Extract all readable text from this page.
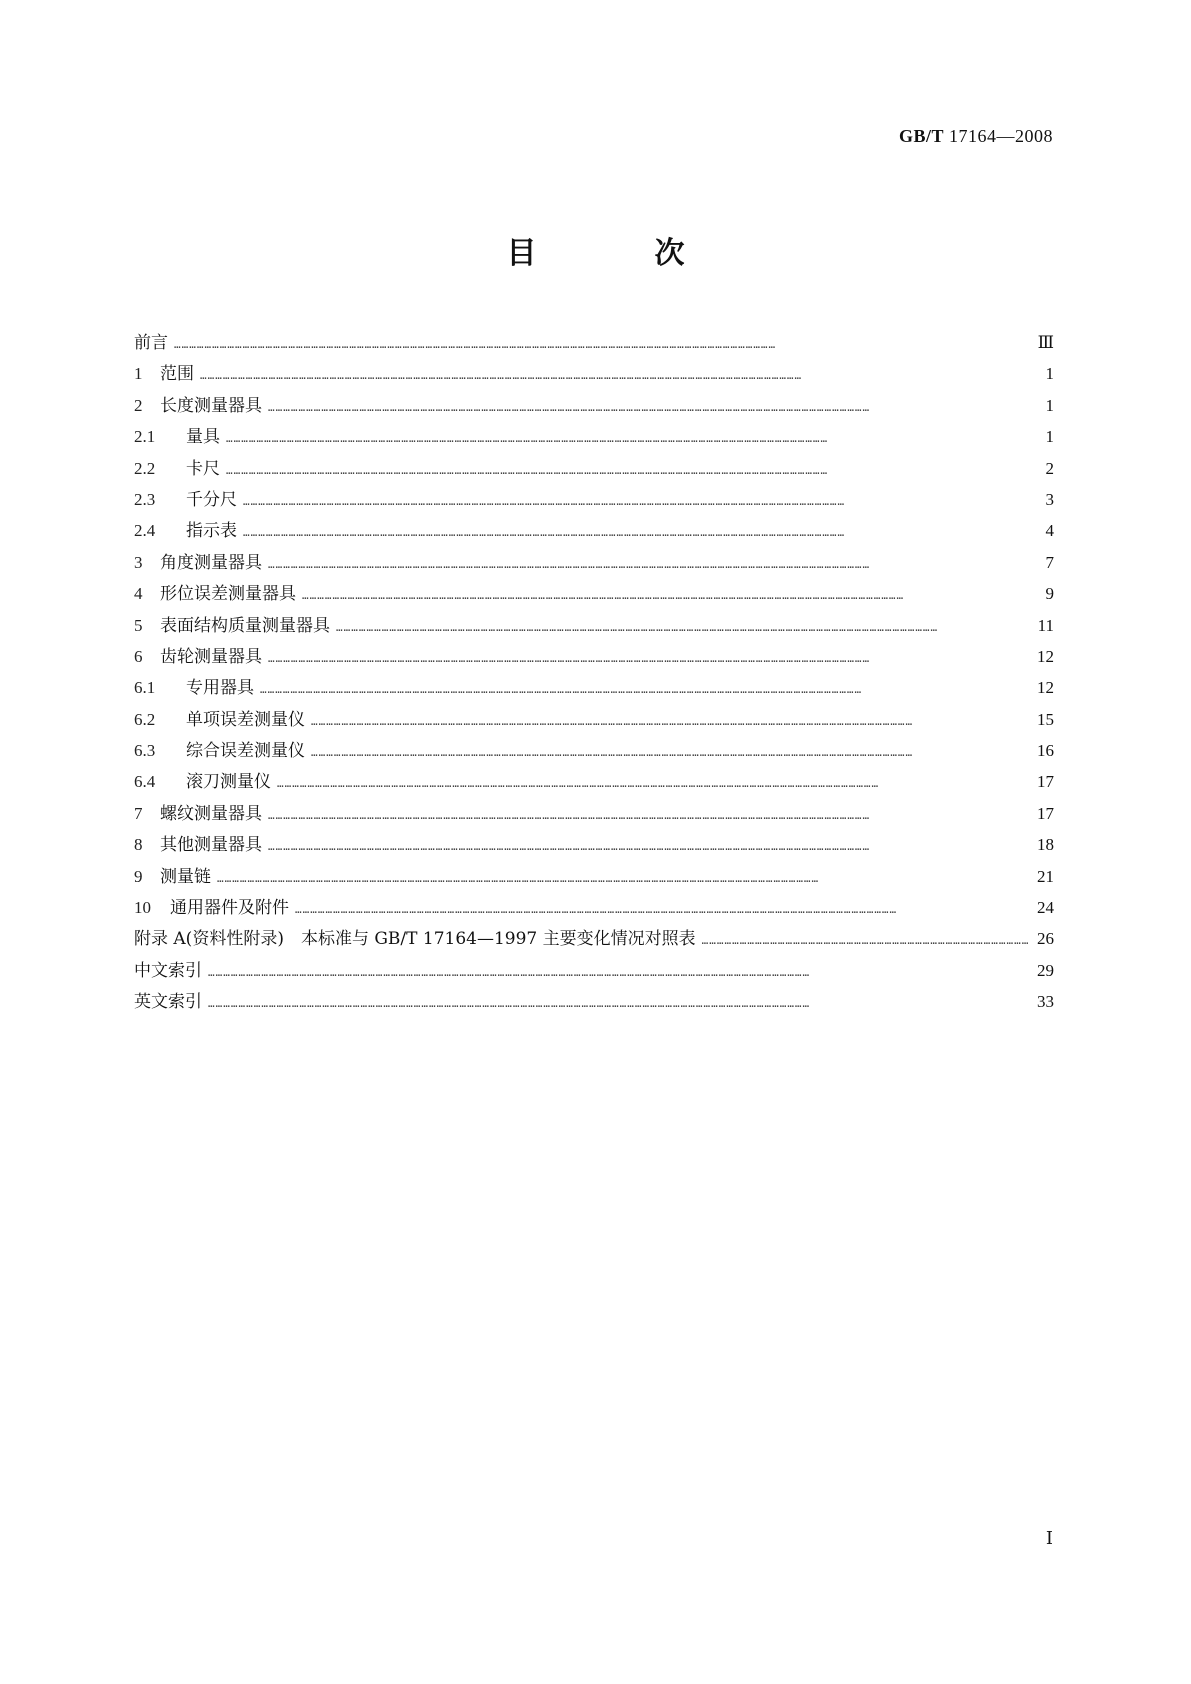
GB/T 17164—2008
目　次
前言 …………………………………………………………………………………………………………………………………………………………………………………………………………………	Ⅲ
1	范围 …………………………………………………………………………………………………………………………………………………………………………………………………………………	1
2	长度测量器具 …………………………………………………………………………………………………………………………………………………………………………………………………………………	1
2.1	量具 …………………………………………………………………………………………………………………………………………………………………………………………………………………	1
2.2	卡尺 …………………………………………………………………………………………………………………………………………………………………………………………………………………	2
2.3	千分尺 …………………………………………………………………………………………………………………………………………………………………………………………………………………	3
2.4	指示表 …………………………………………………………………………………………………………………………………………………………………………………………………………………	4
3	角度测量器具 …………………………………………………………………………………………………………………………………………………………………………………………………………………	7
4	形位误差测量器具 …………………………………………………………………………………………………………………………………………………………………………………………………………………	9
5	表面结构质量测量器具 …………………………………………………………………………………………………………………………………………………………………………………………………………………	11
6	齿轮测量器具 …………………………………………………………………………………………………………………………………………………………………………………………………………………	12
6.1	专用器具 …………………………………………………………………………………………………………………………………………………………………………………………………………………	12
6.2	单项误差测量仪 …………………………………………………………………………………………………………………………………………………………………………………………………………………	15
6.3	综合误差测量仪 …………………………………………………………………………………………………………………………………………………………………………………………………………………	16
6.4	滚刀测量仪 …………………………………………………………………………………………………………………………………………………………………………………………………………………	17
7	螺纹测量器具 …………………………………………………………………………………………………………………………………………………………………………………………………………………	17
8	其他测量器具 …………………………………………………………………………………………………………………………………………………………………………………………………………………	18
9	测量链 …………………………………………………………………………………………………………………………………………………………………………………………………………………	21
10	通用器件及附件 …………………………………………………………………………………………………………………………………………………………………………………………………………………	24
附录 A(资料性附录)　本标准与 GB/T 17164—1997 主要变化情况对照表 …………………………………………………………………………………………………………………………………………………………………………………………………………………	26
中文索引 …………………………………………………………………………………………………………………………………………………………………………………………………………………	29
英文索引 …………………………………………………………………………………………………………………………………………………………………………………………………………………	33
Ⅰ
